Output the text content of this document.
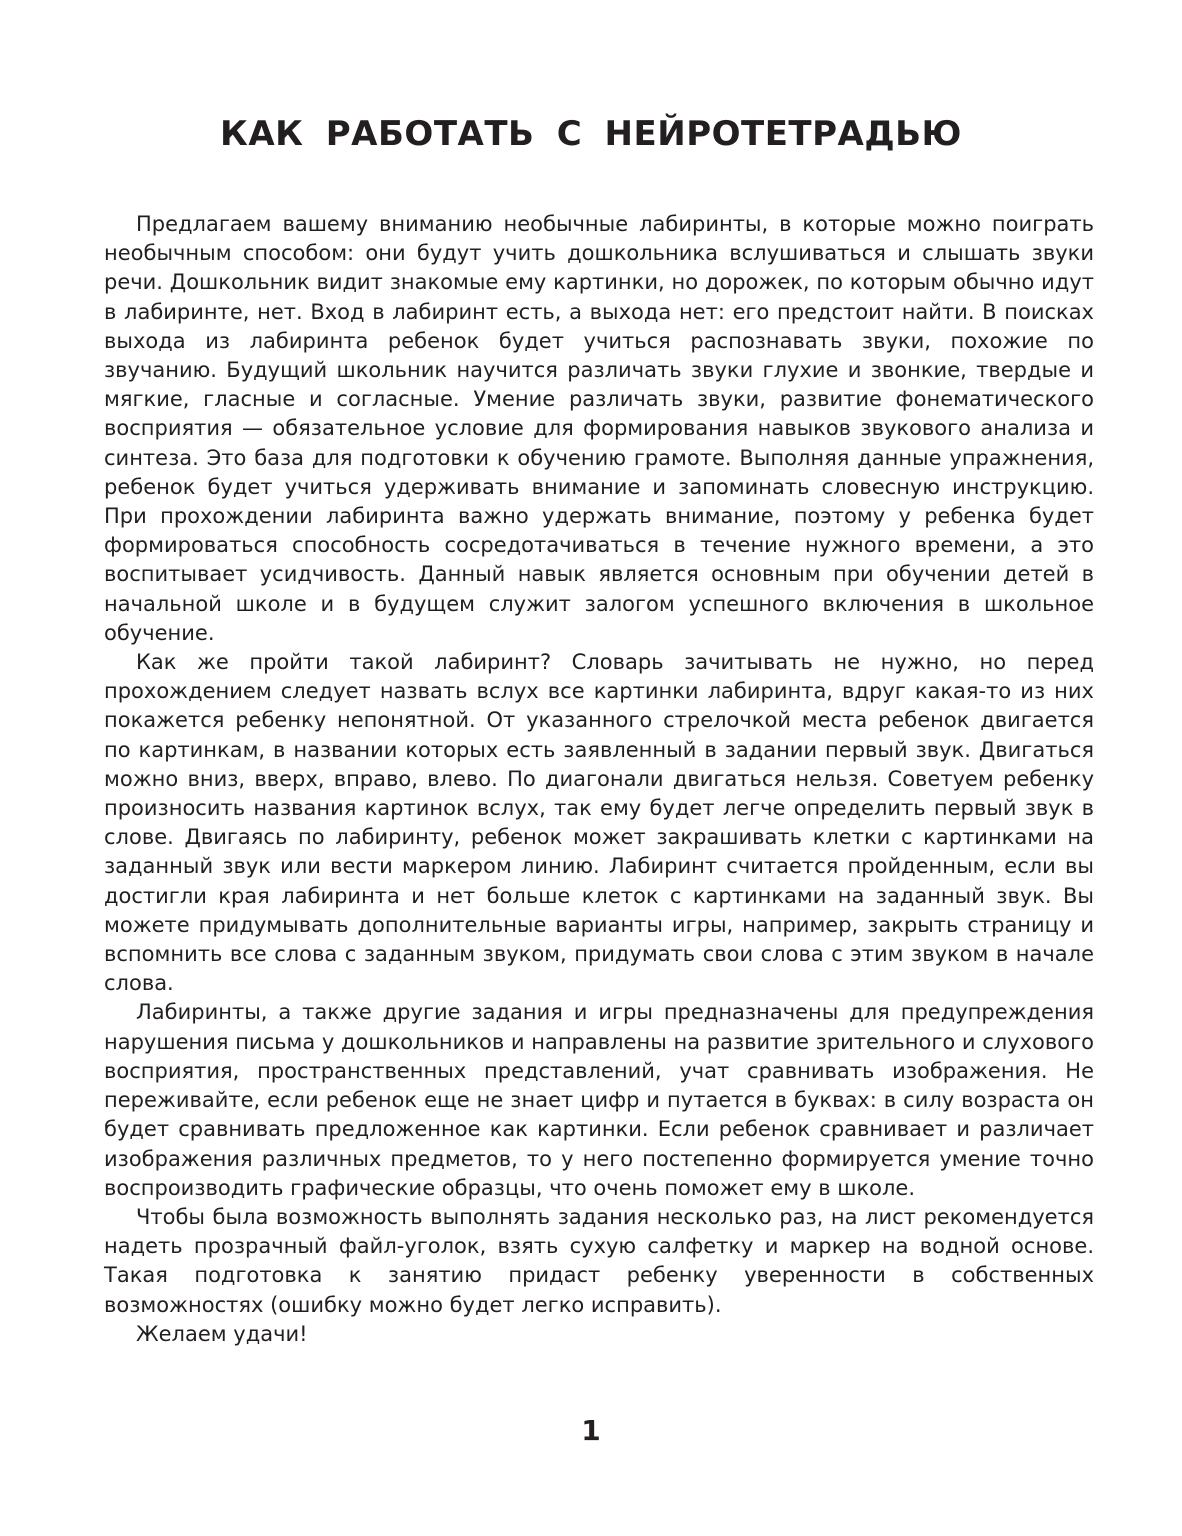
КАК РАБОТАТЬ С НЕЙРОТЕТРАДЬЮ

Предлагаем вашему вниманию необычные лабиринты, в которые можно поиграть необычным способом: они будут учить дошкольника вслушиваться и слышать звуки речи. Дошкольник видит знакомые ему картинки, но дорожек, по которым обычно идут в лабиринте, нет. Вход в лабиринт есть, а выхода нет: его предстоит найти. В поисках выхода из лабиринта ребенок будет учиться распознавать звуки, похожие по звучанию. Будущий школьник научится различать звуки глухие и звонкие, твердые и мягкие, гласные и согласные. Умение различать звуки, развитие фонематического восприятия — обязательное условие для формирования навыков звукового анализа и синтеза. Это база для подготовки к обучению грамоте. Выполняя данные упражнения, ребенок будет учиться удерживать внимание и запоминать словесную инструкцию. При прохождении лабиринта важно удержать внимание, поэтому у ребенка будет формироваться способность сосредотачиваться в течение нужного времени, а это воспитывает усидчивость. Данный навык является основным при обучении детей в начальной школе и в будущем служит залогом успешного включения в школьное обучение.

Как же пройти такой лабиринт? Словарь зачитывать не нужно, но перед прохождением следует назвать вслух все картинки лабиринта, вдруг какая-то из них покажется ребенку непонятной. От указанного стрелочкой места ребенок двигается по картинкам, в названии которых есть заявленный в задании первый звук. Двигаться можно вниз, вверх, вправо, влево. По диагонали двигаться нельзя. Советуем ребенку произносить названия картинок вслух, так ему будет легче определить первый звук в слове. Двигаясь по лабиринту, ребенок может закрашивать клетки с картинками на заданный звук или вести маркером линию. Лабиринт считается пройденным, если вы достигли края лабиринта и нет больше клеток с картинками на заданный звук. Вы можете придумывать дополнительные варианты игры, например, закрыть страницу и вспомнить все слова с заданным звуком, придумать свои слова с этим звуком в начале слова.

Лабиринты, а также другие задания и игры предназначены для предупреждения нарушения письма у дошкольников и направлены на развитие зрительного и слухового восприятия, пространственных представлений, учат сравнивать изображения. Не переживайте, если ребенок еще не знает цифр и путается в буквах: в силу возраста он будет сравнивать предложенное как картинки. Если ребенок сравнивает и различает изображения различных предметов, то у него постепенно формируется умение точно воспроизводить графические образцы, что очень поможет ему в школе.

Чтобы была возможность выполнять задания несколько раз, на лист рекомендуется надеть прозрачный файл-уголок, взять сухую салфетку и маркер на водной основе. Такая подготовка к занятию придаст ребенку уверенности в собственных возможностях (ошибку можно будет легко исправить).

Желаем удачи!

1
